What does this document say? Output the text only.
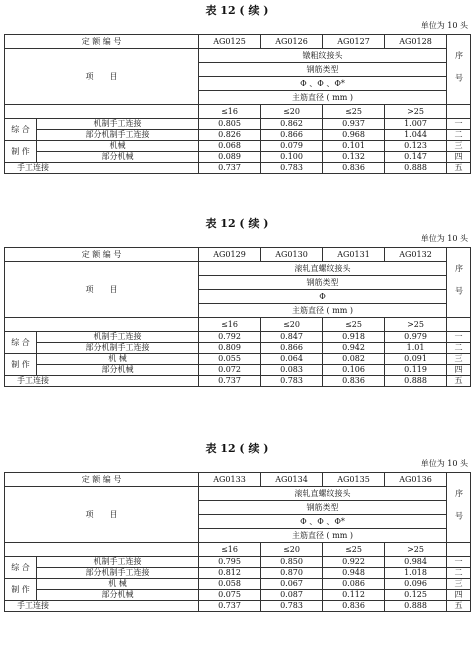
表 12 ( 续 )
单位为 10 头
定 额 编 号		AG0125	AG0126	AG0127	AG0128	序 号
项　　目		镦粗纹接头				
		钢筋类型				
		Φ 、Φ 、Φ*				
		主筋直径 ( mm )				
		≤16	≤20	≤25	>25	
综 合	机制手工连接	0.805	0.862	0.937	1.007	一
	部分机制手工连接	0.826	0.866	0.968	1.044	二
制 作	机械	0.068	0.079	0.101	0.123	三
	部分机械	0.089	0.100	0.132	0.147	四
手工连接		0.737	0.783	0.836	0.888	五
表 12 ( 续 )
单位为 10 头
定 额 编 号		AG0129	AG0130	AG0131	AG0132	序 号
项　　目		滚轧直螺纹接头				
		钢筋类型				
		Φ				
		主筋直径 ( mm )				
		≤16	≤20	≤25	>25	
综 合	机制手工连接	0.792	0.847	0.918	0.979	一
	部分机制手工连接	0.809	0.866	0.942	1.01	二
制 作	机 械	0.055	0.064	0.082	0.091	三
	部分机械	0.072	0.083	0.106	0.119	四
手工连接		0.737	0.783	0.836	0.888	五
表 12 ( 续 )
单位为 10 头
定 额 编 号		AG0133	AG0134	AG0135	AG0136	序 号
项　　目		滚轧直螺纹接头				
		钢筋类型				
		Φ 、Φ 、Φ*				
		主筋直径 ( mm )				
		≤16	≤20	≤25	>25	
综 合	机制手工连接	0.795	0.850	0.922	0.984	一
	部分机制手工连接	0.812	0.870	0.948	1.018	二
制 作	机 械	0.058	0.067	0.086	0.096	三
	部分机械	0.075	0.087	0.112	0.125	四
手工连接		0.737	0.783	0.836	0.888	五
